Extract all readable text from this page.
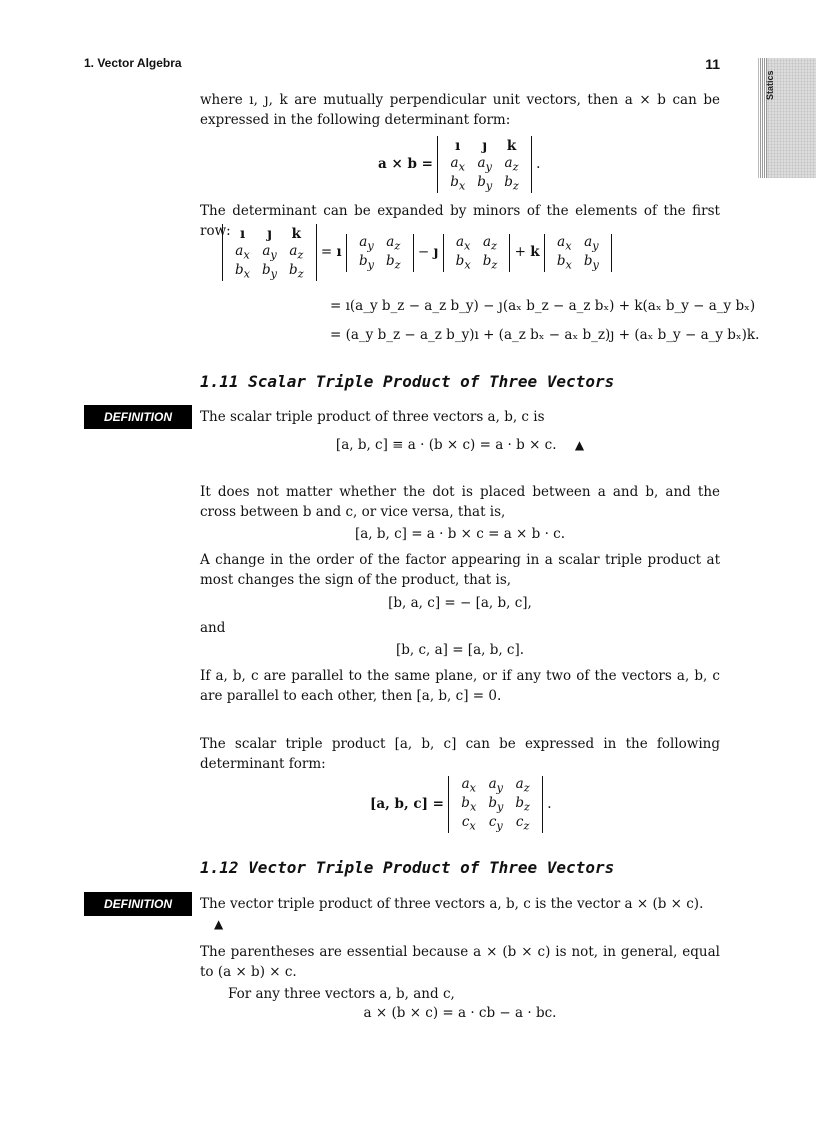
1. Vector Algebra	11
Statics
where ı, ȷ, k are mutually perpendicular unit vectors, then a × b can be expressed in the following determinant form:
a × b =
ı	ȷ	k
$a_x$	$a_y$	$a_z$
$b_x$	$b_y$	$b_z$
.
The determinant can be expanded by minors of the elements of the first row: ı	ȷ	k
$a_x$	$a_y$	$a_z$
$b_x$	$b_y$	$b_z$
= ı
$a_y$	$a_z$
$b_y$	$b_z$
− ȷ
$a_x$	$a_z$
$b_x$	$b_z$
+ k
$a_x$	$a_y$
$b_x$	$b_y$
= ı(a_y b_z − a_z b_y) − ȷ(aₓ b_z − a_z bₓ) + k(aₓ b_y − a_y bₓ)
= (a_y b_z − a_z b_y)ı + (a_z bₓ − aₓ b_z)ȷ + (aₓ b_y − a_y bₓ)k.
1.11 Scalar Triple Product of Three Vectors
DEFINITION	The scalar triple product of three vectors a, b, c is
[a, b, c] ≡ a · (b × c) = a · b × c. ▲
It does not matter whether the dot is placed between a and b, and the cross between b and c, or vice versa, that is,
[a, b, c] = a · b × c = a × b · c.
A change in the order of the factor appearing in a scalar triple product at most changes the sign of the product, that is,
[b, a, c] = − [a, b, c],
and
[b, c, a] = [a, b, c].
If a, b, c are parallel to the same plane, or if any two of the vectors a, b, c are parallel to each other, then [a, b, c] = 0.
The scalar triple product [a, b, c] can be expressed in the following determinant form:
[a, b, c] =
$a_x$	$a_y$	$a_z$
$b_x$	$b_y$	$b_z$
$c_x$	$c_y$	$c_z$
.
1.12 Vector Triple Product of Three Vectors
DEFINITION	The vector triple product of three vectors a, b, c is the vector a × (b × c). ▲
The parentheses are essential because a × (b × c) is not, in general, equal to (a × b) × c.
For any three vectors a, b, and c,
a × (b × c) = a · cb − a · bc.
